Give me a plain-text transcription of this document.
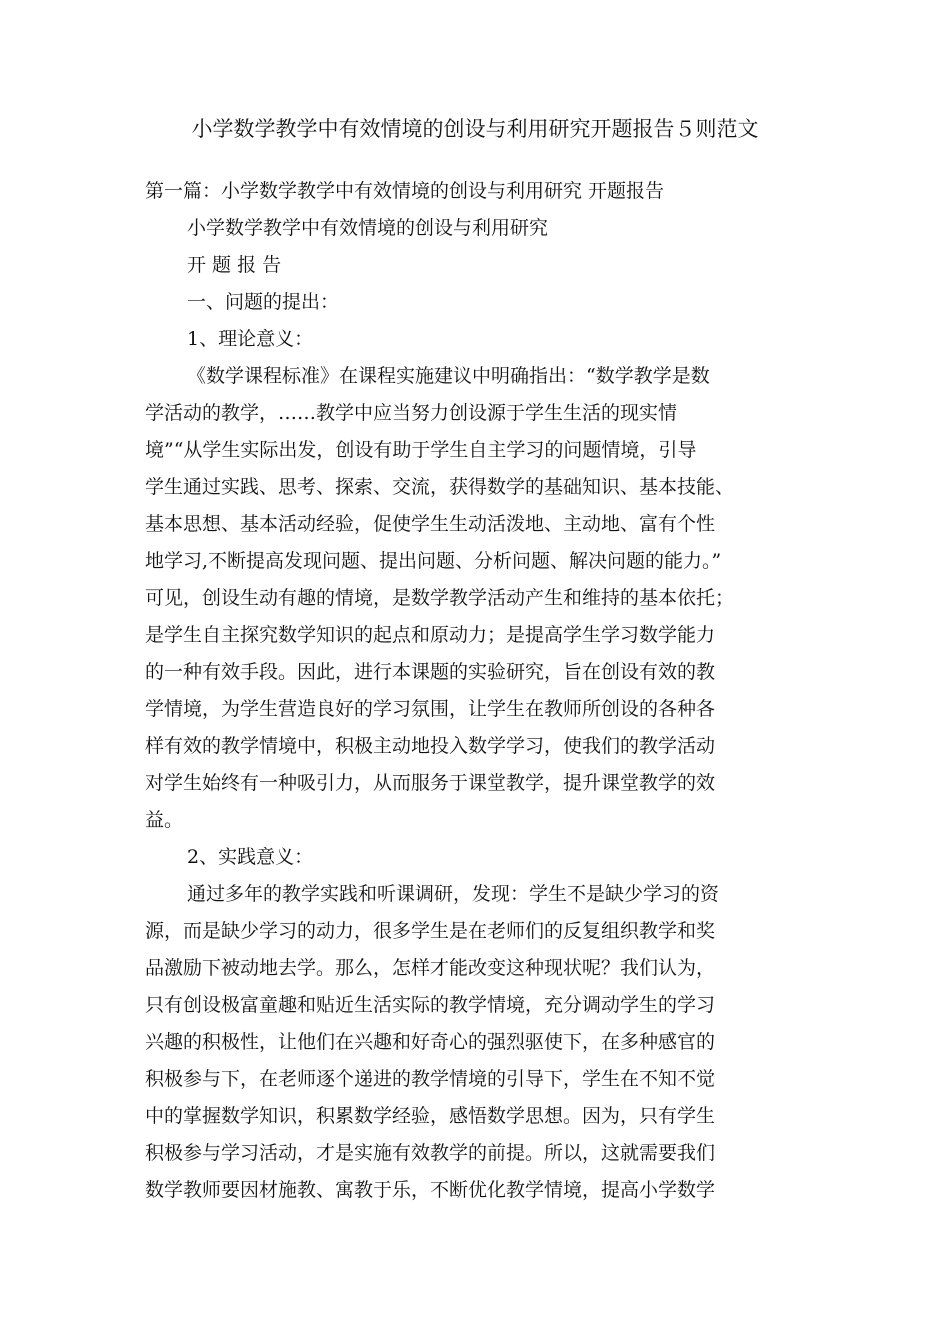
小学数学教学中有效情境的创设与利用研究开题报告５则范文
第一篇：小学数学教学中有效情境的创设与利用研究 开题报告
小学数学教学中有效情境的创设与利用研究
开 题 报 告
一、问题的提出：
1、理论意义：
《数学课程标准》在课程实施建议中明确指出：“数学教学是数
学活动的教学，……教学中应当努力创设源于学生生活的现实情
境”“从学生实际出发，创设有助于学生自主学习的问题情境，引导
学生通过实践、思考、探索、交流，获得数学的基础知识、基本技能、
基本思想、基本活动经验，促使学生生动活泼地、主动地、富有个性
地学习,不断提高发现问题、提出问题、分析问题、解决问题的能力。”
可见，创设生动有趣的情境，是数学教学活动产生和维持的基本依托；
是学生自主探究数学知识的起点和原动力；是提高学生学习数学能力
的一种有效手段。因此，进行本课题的实验研究，旨在创设有效的教
学情境，为学生营造良好的学习氛围，让学生在教师所创设的各种各
样有效的教学情境中，积极主动地投入数学学习，使我们的教学活动
对学生始终有一种吸引力，从而服务于课堂教学，提升课堂教学的效
益。
2、实践意义：
通过多年的教学实践和听课调研，发现：学生不是缺少学习的资
源，而是缺少学习的动力，很多学生是在老师们的反复组织教学和奖
品激励下被动地去学。那么，怎样才能改变这种现状呢？我们认为，
只有创设极富童趣和贴近生活实际的教学情境，充分调动学生的学习
兴趣的积极性，让他们在兴趣和好奇心的强烈驱使下，在多种感官的
积极参与下，在老师逐个递进的教学情境的引导下，学生在不知不觉
中的掌握数学知识，积累数学经验，感悟数学思想。因为，只有学生
积极参与学习活动，才是实施有效教学的前提。所以，这就需要我们
数学教师要因材施教、寓教于乐，不断优化教学情境，提高小学数学
